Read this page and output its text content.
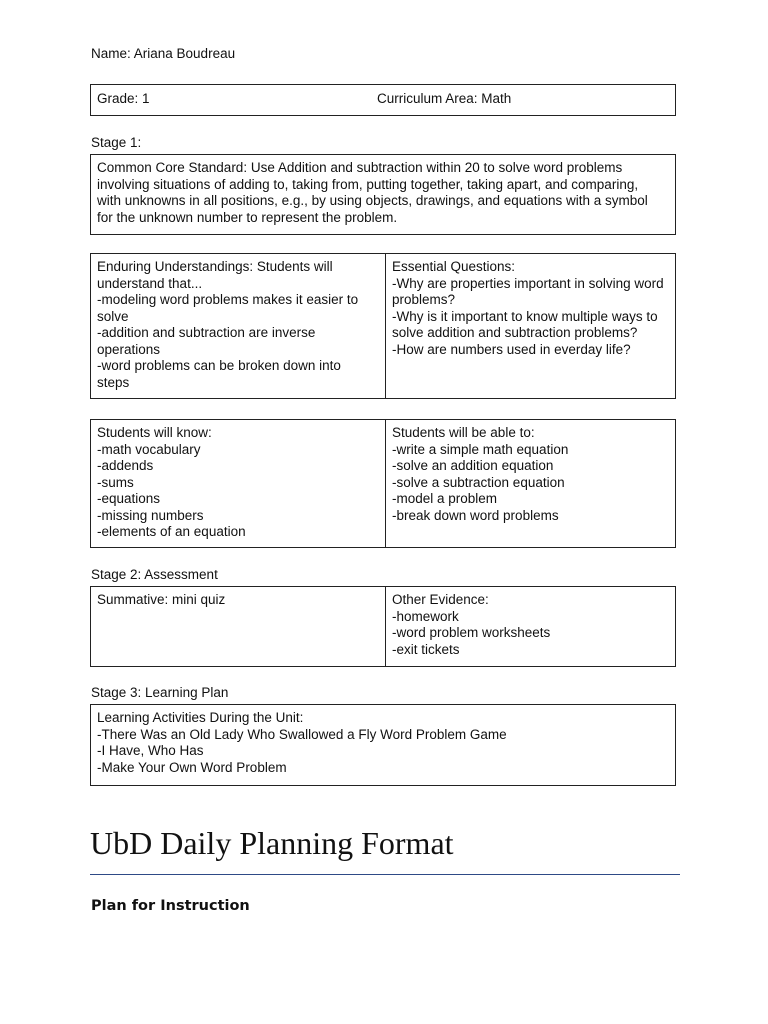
Name: Ariana Boudreau
Grade: 1	Curriculum Area: Math
Stage 1:
Common Core Standard: Use Addition and subtraction within 20 to solve word problems
involving situations of adding to, taking from, putting together, taking apart, and comparing,
with unknowns in all positions, e.g., by using objects, drawings, and equations with a symbol
for the unknown number to represent the problem.
Enduring Understandings: Students will
understand that...
-modeling word problems makes it easier to
solve
-addition and subtraction are inverse
operations
-word problems can be broken down into
steps
Essential Questions:
-Why are properties important in solving word
problems?
-Why is it important to know multiple ways to
solve addition and subtraction problems?
-How are numbers used in everday life?
Students will know:
-math vocabulary
-addends
-sums
-equations
-missing numbers
-elements of an equation
Students will be able to:
-write a simple math equation
-solve an addition equation
-solve a subtraction equation
-model a problem
-break down word problems
Stage 2: Assessment
Summative: mini quiz	Other Evidence:
-homework
-word problem worksheets
-exit tickets
Stage 3: Learning Plan
Learning Activities During the Unit:
-There Was an Old Lady Who Swallowed a Fly Word Problem Game
-I Have, Who Has
-Make Your Own Word Problem
UbD Daily Planning Format
Plan for Instruction
